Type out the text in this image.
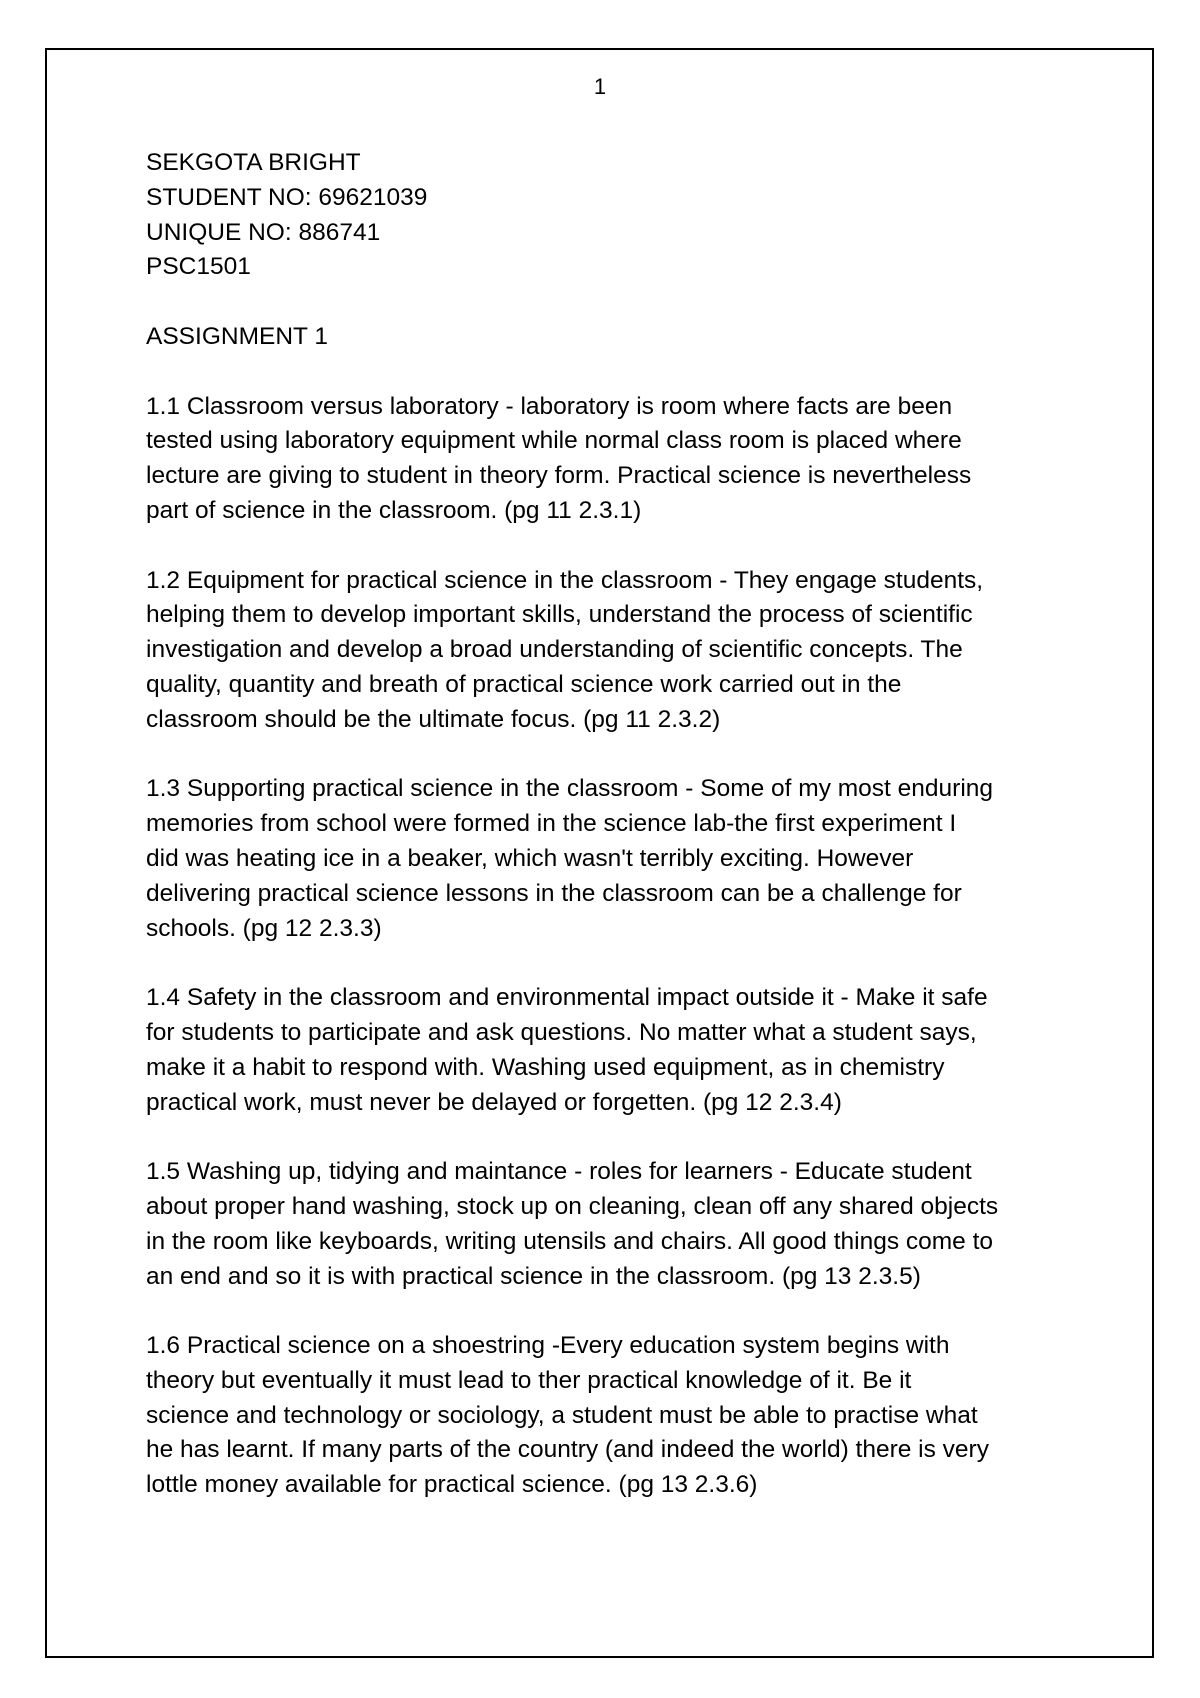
1
SEKGOTA BRIGHT
STUDENT NO: 69621039
UNIQUE NO: 886741
PSC1501
ASSIGNMENT 1
1.1 Classroom versus laboratory - laboratory is room where facts are been
tested using laboratory equipment while normal class room is placed where
lecture are giving to student in theory form. Practical science is nevertheless
part of science in the classroom. (pg 11 2.3.1)
1.2 Equipment for practical science in the classroom - They engage students,
helping them to develop important skills, understand the process of scientific
investigation and develop a broad understanding of scientific concepts. The
quality, quantity and breath of practical science work carried out in the
classroom should be the ultimate focus. (pg 11 2.3.2)
1.3 Supporting practical science in the classroom - Some of my most enduring
memories from school were formed in the science lab-the first experiment I
did was heating ice in a beaker, which wasn't terribly exciting. However
delivering practical science lessons in the classroom can be a challenge for
schools. (pg 12 2.3.3)
1.4 Safety in the classroom and environmental impact outside it - Make it safe
for students to participate and ask questions. No matter what a student says,
make it a habit to respond with. Washing used equipment, as in chemistry
practical work, must never be delayed or forgetten. (pg 12 2.3.4)
1.5 Washing up, tidying and maintance - roles for learners - Educate student
about proper hand washing, stock up on cleaning, clean off any shared objects
in the room like keyboards, writing utensils and chairs. All good things come to
an end and so it is with practical science in the classroom. (pg 13 2.3.5)
1.6 Practical science on a shoestring -Every education system begins with
theory but eventually it must lead to ther practical knowledge of it. Be it
science and technology or sociology, a student must be able to practise what
he has learnt. If many parts of the country (and indeed the world) there is very
lottle money available for practical science. (pg 13 2.3.6)
